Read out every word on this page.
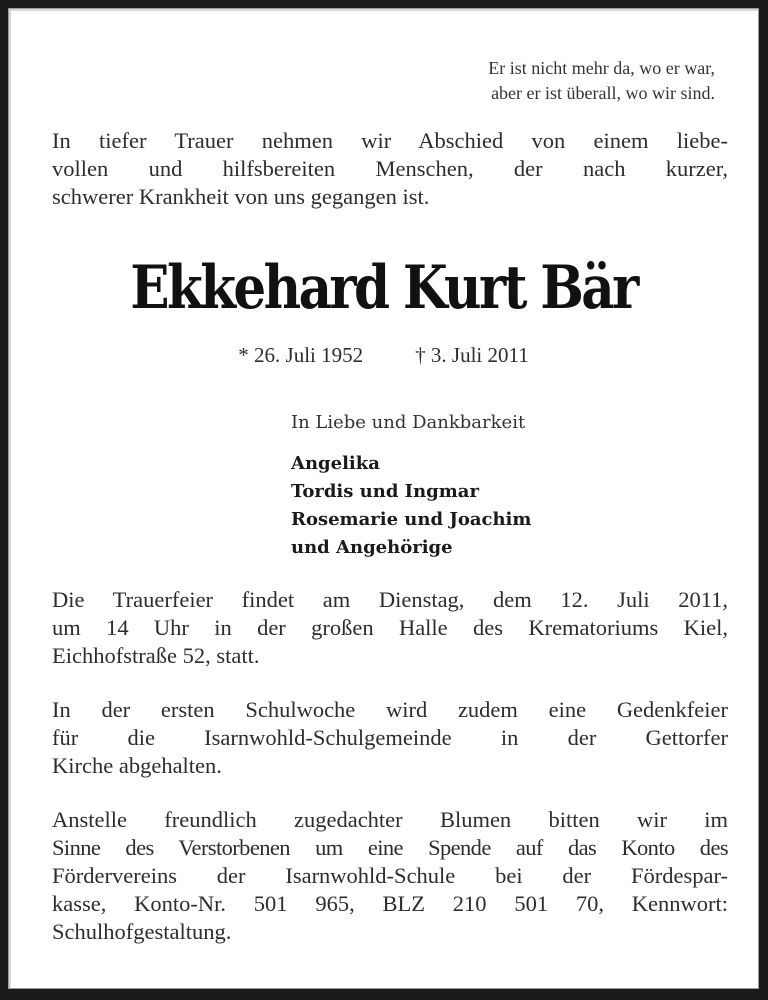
Er ist nicht mehr da, wo er war,
aber er ist überall, wo wir sind.
In tiefer Trauer nehmen wir Abschied von einem liebe-
vollen und hilfsbereiten Menschen, der nach kurzer,
schwerer Krankheit von uns gegangen ist.
Ekkehard Kurt Bär
* 26. Juli 1952 † 3. Juli 2011
In Liebe und Dankbarkeit
Angelika
Tordis und Ingmar
Rosemarie und Joachim
und Angehörige
Die Trauerfeier findet am Dienstag, dem 12. Juli 2011,
um 14 Uhr in der großen Halle des Krematoriums Kiel,
Eichhofstraße 52, statt.
In der ersten Schulwoche wird zudem eine Gedenkfeier
für die Isarnwohld-Schulgemeinde in der Gettorfer
Kirche abgehalten.
Anstelle freundlich zugedachter Blumen bitten wir im
Sinne des Verstorbenen um eine Spende auf das Konto des
Fördervereins der Isarnwohld-Schule bei der Fördespar-
kasse, Konto-Nr. 501 965, BLZ 210 501 70, Kennwort:
Schulhofgestaltung.
